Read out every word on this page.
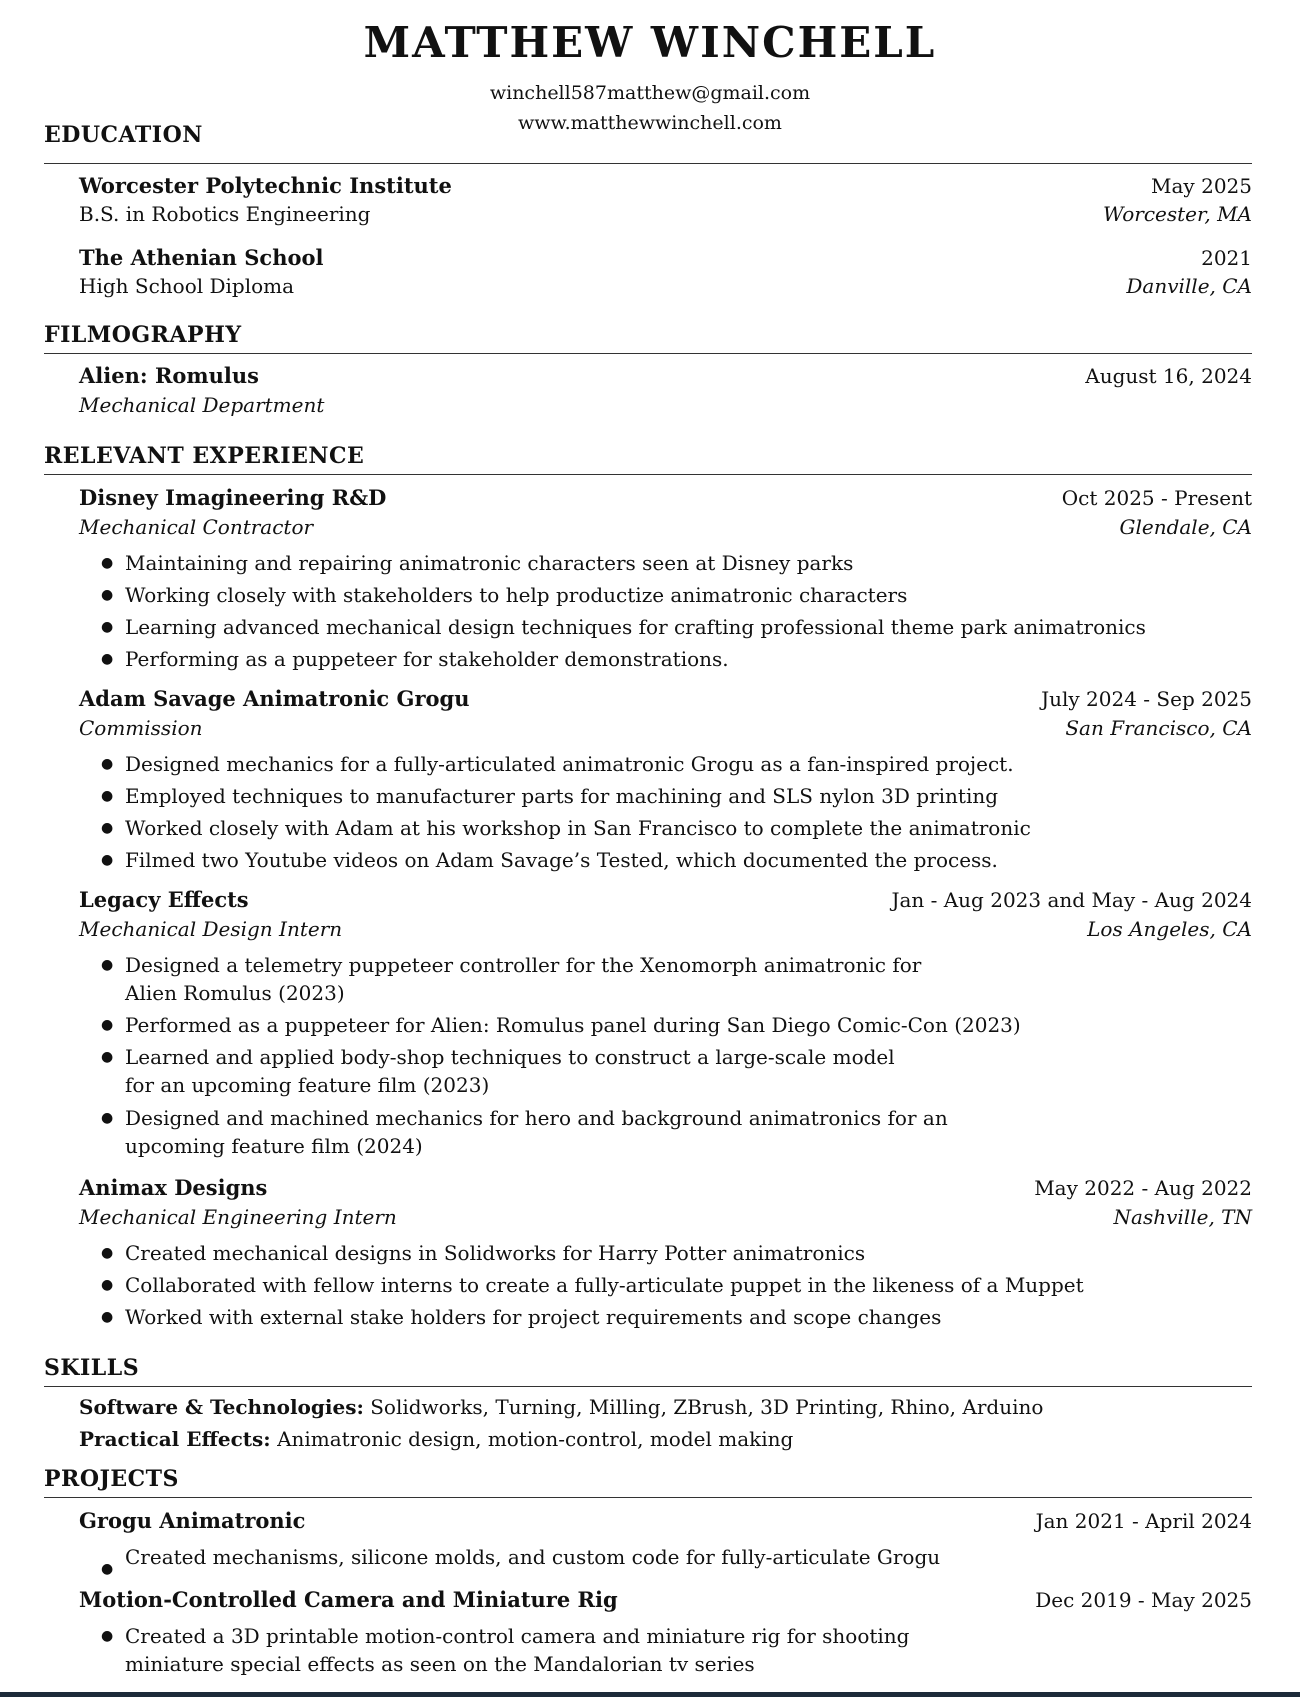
MATTHEW WINCHELL
winchell587matthew@gmail.com
www.matthewwinchell.com
EDUCATION
Worcester Polytechnic Institute	May 2025
B.S. in Robotics Engineering	Worcester, MA
The Athenian School	2021
High School Diploma	Danville, CA
FILMOGRAPHY
Alien: Romulus	August 16, 2024
Mechanical Department
RELEVANT EXPERIENCE
Disney Imagineering R&D	Oct 2025 - Present
Mechanical Contractor	Glendale, CA
● Maintaining and repairing animatronic characters seen at Disney parks
● Working closely with stakeholders to help productize animatronic characters
● Learning advanced mechanical design techniques for crafting professional theme park animatronics
● Performing as a puppeteer for stakeholder demonstrations.
Adam Savage Animatronic Grogu	July 2024 - Sep 2025
Commission	San Francisco, CA
● Designed mechanics for a fully-articulated animatronic Grogu as a fan-inspired project.
● Employed techniques to manufacturer parts for machining and SLS nylon 3D printing
● Worked closely with Adam at his workshop in San Francisco to complete the animatronic
● Filmed two Youtube videos on Adam Savage’s Tested, which documented the process.
Legacy Effects	Jan - Aug 2023 and May - Aug 2024
Mechanical Design Intern	Los Angeles, CA
● Designed a telemetry puppeteer controller for the Xenomorph animatronic for
Alien Romulus (2023)
● Performed as a puppeteer for Alien: Romulus panel during San Diego Comic-Con (2023)
● Learned and applied body-shop techniques to construct a large-scale model
for an upcoming feature film (2023)
● Designed and machined mechanics for hero and background animatronics for an
upcoming feature film (2024)
Animax Designs	May 2022 - Aug 2022
Mechanical Engineering Intern	Nashville, TN
● Created mechanical designs in Solidworks for Harry Potter animatronics
● Collaborated with fellow interns to create a fully-articulate puppet in the likeness of a Muppet
● Worked with external stake holders for project requirements and scope changes
SKILLS
Software & Technologies: Solidworks, Turning, Milling, ZBrush, 3D Printing, Rhino, Arduino
Practical Effects: Animatronic design, motion-control, model making
PROJECTS
Grogu Animatronic	Jan 2021 - April 2024
● Created mechanisms, silicone molds, and custom code for fully-articulate Grogu
Motion-Controlled Camera and Miniature Rig	Dec 2019 - May 2025
● Created a 3D printable motion-control camera and miniature rig for shooting
miniature special effects as seen on the Mandalorian tv series
